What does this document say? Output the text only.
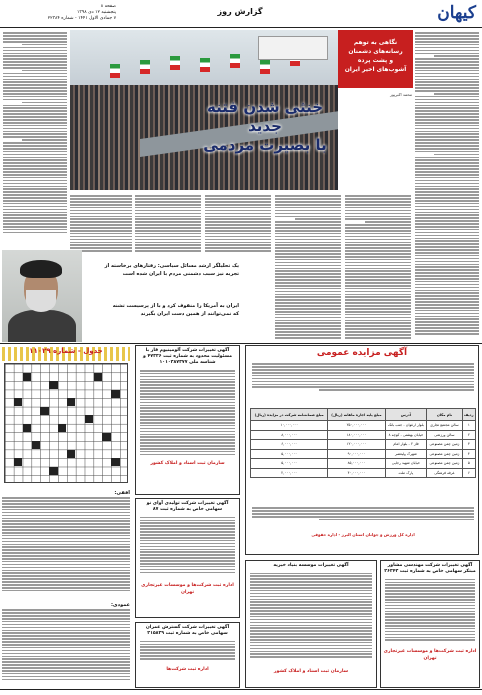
کیهان
گزارش روز
صفحه ۸
پنجشنبه ۱۲ دی ۱۳۹۸
۷ جمادی الاول ۱۴۴۱ - شماره ۲۲۳۸۴
خنثی شدن فتنه جدید
با بصیرت مردمی
نگاهی به توهم
رسانه‌های دشمنان
و پشت پرده
آشوب‌های اخیر ایران
محمد اکبرپور
یک تحلیلگر ارشد مسائل سیاسی: رفتارهای برخاسته از
تجربه نیز سبب دشمنی مردم با ایران شده است
ایران به آمریکا را منقوف کرد و با از پرسیست تشنه
که نمی‌توانند از همین دست ایران بگیرند
آگهی مزایده عمومی
ردیف	نام مکان	آدرس	مبلغ پایه اجاره ماهانه (ریال)	مبلغ ضمانتنامه شرکت در مزایده (ریال)
۱	سالن مجتمع تجاری	بلوار ارغوان - جنب بانک	۲۵۰,۰۰۰,۰۰۰	۱۰,۰۰۰,۰۰۰
۲	سالن ورزشی	خیابان بهشتی - کوچه ۸	۱۸۰,۰۰۰,۰۰۰	۸,۰۰۰,۰۰۰
۳	زمین چمن مصنوعی	فاز ۲ - بلوار امام	۱۲۰,۰۰۰,۰۰۰	۶,۰۰۰,۰۰۰
۴	زمین چمن مصنوعی	شهرک ولیعصر	۹۰,۰۰۰,۰۰۰	۵,۰۰۰,۰۰۰
۵	زمین چمن مصنوعی	خیابان شهید رجایی	۸۵,۰۰۰,۰۰۰	۵,۰۰۰,۰۰۰
۶	غرفه فرهنگی	پارک ملت	۴۰,۰۰۰,۰۰۰	۲,۰۰۰,۰۰۰
اداره کل ورزش و جوانان استان البرز - اداره حقوقی
آگهی تغییرات شرکت آلومینیوم فاز با مسئولیت محدود به شماره ثبت ۴۷۳۳۶ و شناسه ملی ۱۰۱۰۳۸۷۳۷۷
سازمان ثبت اسناد و املاک کشور
آگهی تغییرات شرکت تولیدی آوای نو سهامی خاص به شماره ثبت ۸۷
اداره ثبت شرکت‌ها و موسسات غیرتجاری تهران
آگهی تغییرات موسسه بنیاد خیریه
سازمان ثبت اسناد و املاک کشور
آگهی تغییرات شرکت مهندسی مشاور مبتکر سهامی خاص به شماره ثبت ۲۶۳۴۳
اداره ثبت شرکت‌ها و موسسات غیرتجاری تهران
آگهی تغییرات شرکت گسترش عمران سهامی خاص به شماره ثبت ۲۱۵۸۲۹
اداره ثبت شرکت‌ها
جدول - شماره ۱۱۰۲۹
افقی:
عمودی:
